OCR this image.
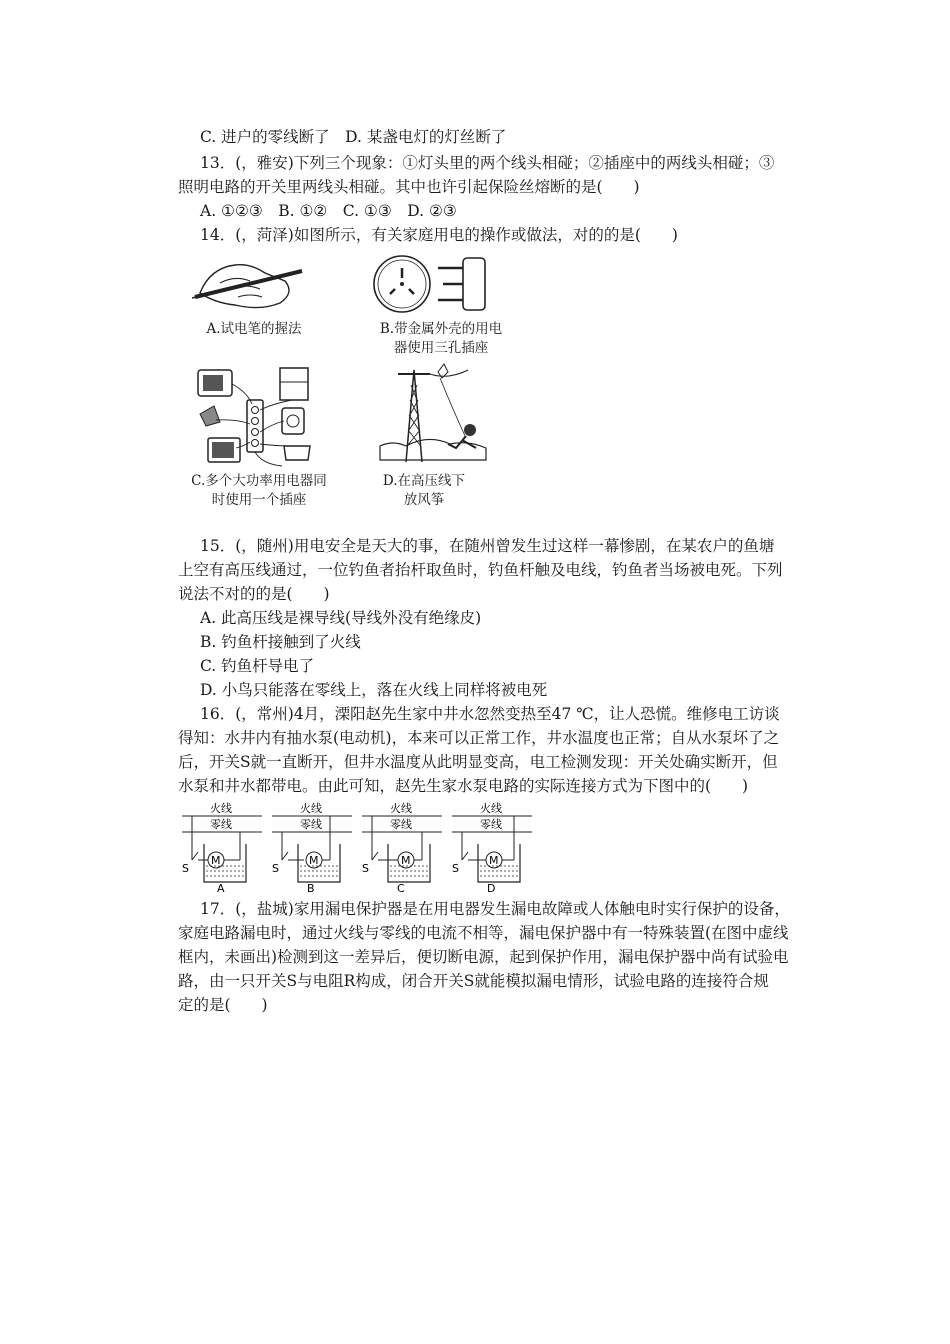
C. 进户的零线断了　D. 某盏电灯的灯丝断了
13．(，雅安)下列三个现象：①灯头里的两个线头相碰；②插座中的两线头相碰；③
照明电路的开关里两线头相碰。其中也许引起保险丝熔断的是(　　)
A. ①②③　B. ①②　C. ①③　D. ②③
14．(，菏泽)如图所示，有关家庭用电的操作或做法，对的的是(　　)
A.试电笔的握法	B.带金属外壳的用电
器使用三孔插座
C.多个大功率用电器同
时使用一个插座
D.在高压线下
放风筝
15．(，随州)用电安全是天大的事，在随州曾发生过这样一幕惨剧，在某农户的鱼塘
上空有高压线通过，一位钓鱼者抬杆取鱼时，钓鱼杆触及电线，钓鱼者当场被电死。下列
说法不对的的是(　　)
A. 此高压线是裸导线(导线外没有绝缘皮)
B. 钓鱼杆接触到了火线
C. 钓鱼杆导电了
D. 小鸟只能落在零线上，落在火线上同样将被电死
16．(，常州)4月，溧阳赵先生家中井水忽然变热至47 ℃，让人恐慌。维修电工访谈
得知：水井内有抽水泵(电动机)，本来可以正常工作，井水温度也正常；自从水泵坏了之
后，开关S就一直断开，但井水温度从此明显变高，电工检测发现：开关处确实断开，但
水泵和井水都带电。由此可知，赵先生家水泵电路的实际连接方式为下图中的(　　)
火线
零线
S
M
A
火线
零线
S
M
B
火线
零线
S
M
C
火线
零线
S
M
D
17．(，盐城)家用漏电保护器是在用电器发生漏电故障或人体触电时实行保护的设备，
家庭电路漏电时，通过火线与零线的电流不相等，漏电保护器中有一特殊装置(在图中虚线
框内，未画出)检测到这一差异后，便切断电源，起到保护作用，漏电保护器中尚有试验电
路，由一只开关S与电阻R构成，闭合开关S就能模拟漏电情形，试验电路的连接符合规
定的是(　　)
